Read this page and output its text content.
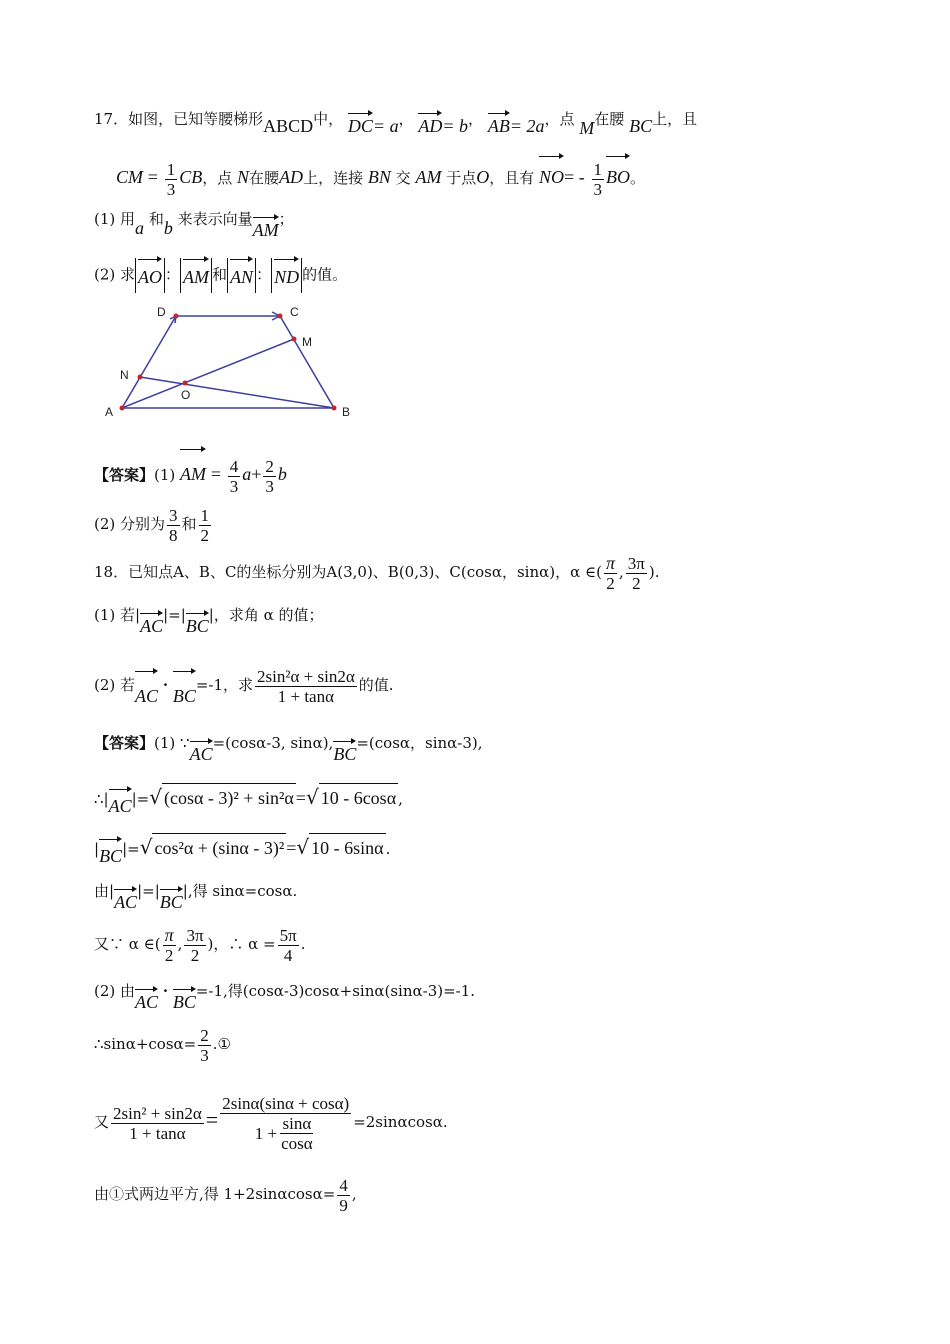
17．如图，已知等腰梯形ABCD中， DC= a， AD= b， AB= 2a，点 M在腰 BC上，且
CM = $\frac{1}{3}$ CB，点 N在腰AD上，连接 BN 交 AM 于点O，且有 $NO= - \frac{1}{3}$ BO。
(1) 用a 和b 来表示向量AM；
(2) 求 AO ： AM 和 AN ： ND 的值。
D	C
M
N
O
A	B
【答案】(1) AM = $\frac{4}{3} a+ \frac{2}{3}$ b
(2) 分别为 $\frac{3}{8}$ 和 $\frac{1}{2}$
18．已知点A、B、C的坐标分别为A(3,0)、B(0,3)、C(cosα，sinα)，α ∈( $\frac{\pi}{2}$ , $\frac{3\pi}{2}$ ).
(1) 若|AC|=|BC|，求角 α 的值；
(2) 若AC · BC=-1，求 $\frac{\text{2sin²α + sin2α}}{1 + \tan\alpha}$ 的值.
【答案】(1) ∵AC=(cosα-3, sinα),BC=(cosα，sinα-3),
∴|AC|=√ (cosα - 3)² + sin²α =√ 10 - 6cosα ,
|BC|=√ cos²α + (sinα - 3)² =√ 10 - 6sinα .
由|AC|=|BC|,得 sinα=cosα.
又∵ α ∈( $\frac{\pi}{2}$ , $\frac{3\pi}{2}$ )，∴ $\alpha = \frac{5\pi}{4}$ .
(2) 由AC · BC=-1,得(cosα-3)cosα+sinα(sinα-3)=-1.
∴sinα+cosα= $\frac{2}{3}$ .①
又 $\frac{\text{2sin² + sin2α}}{1 + \tan\alpha} = \frac{2\sin\alpha(\sin\alpha + \cos\alpha)}{1 + \frac{\sin\alpha}{\cos\alpha}} =2\sin\alpha\cos\alpha$.
由①式两边平方,得 $1+2\sin\alpha\cos\alpha= \frac{4}{9}$ ,
